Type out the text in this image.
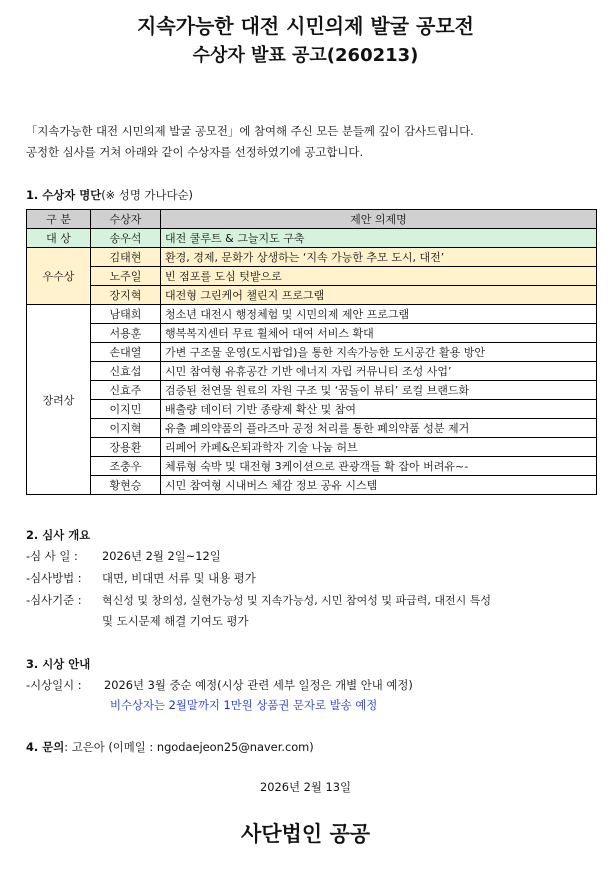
지속가능한 대전 시민의제 발굴 공모전
수상자 발표 공고(260213)
「지속가능한 대전 시민의제 발굴 공모전」에 참여해 주신 모든 분들께 깊이 감사드립니다.
공정한 심사를 거쳐 아래와 같이 수상자를 선정하였기에 공고합니다.
1. 수상자 명단(※ 성명 가나다순)
구 분	수상자	제안 의제명
대 상	송우석	대전 쿨루트 & 그늘지도 구축
우수상	김태현	환경, 경제, 문화가 상생하는 ‘지속 가능한 추모 도시, 대전’
	노주일	빈 점포를 도심 텃밭으로
	장지혁	대전형 그린케어 챌린지 프로그램
장려상	남태희	청소년 대전시 행정체험 및 시민의제 제안 프로그램
	서용훈	행복복지센터 무료 휠체어 대여 서비스 확대
	손대열	가변 구조물 운영(도시팝업)을 통한 지속가능한 도시공간 활용 방안
	신효섭	시민 참여형 유휴공간 기반 에너지 자립 커뮤니티 조성 사업’
	신효주	검증된 천연물 원료의 자원 구조 및 ‘꿈돌이 뷰티’ 로컬 브랜드화
	이지민	배출량 데이터 기반 종량제 확산 및 참여
	이지혁	유출 폐의약품의 플라즈마 공정 처리를 통한 폐의약품 성분 제거
	장용환	리페어 카페&은퇴과학자 기술 나눔 허브
	조충우	체류형 숙박 및 대전형 3케이션으로 관광객들 확 잡아 버려유~-
	황현승	시민 참여형 시내버스 체감 정보 공유 시스템
2. 심사 개요
-심 사 일 : 2026년 2월 2일~12일
-심사방법 : 대면, 비대면 서류 및 내용 평가
-심사기준 : 혁신성 및 창의성, 실현가능성 및 지속가능성, 시민 참여성 및 파급력, 대전시 특성
및 도시문제 해결 기여도 평가
3. 시상 안내
-시상일시 : 2026년 3월 중순 예정(시상 관련 세부 일정은 개별 안내 예정)
비수상자는 2월말까지 1만원 상품권 문자로 발송 예정
4. 문의: 고은아 (이메일 : ngodaejeon25@naver.com)
2026년 2월 13일
사단법인 공공
